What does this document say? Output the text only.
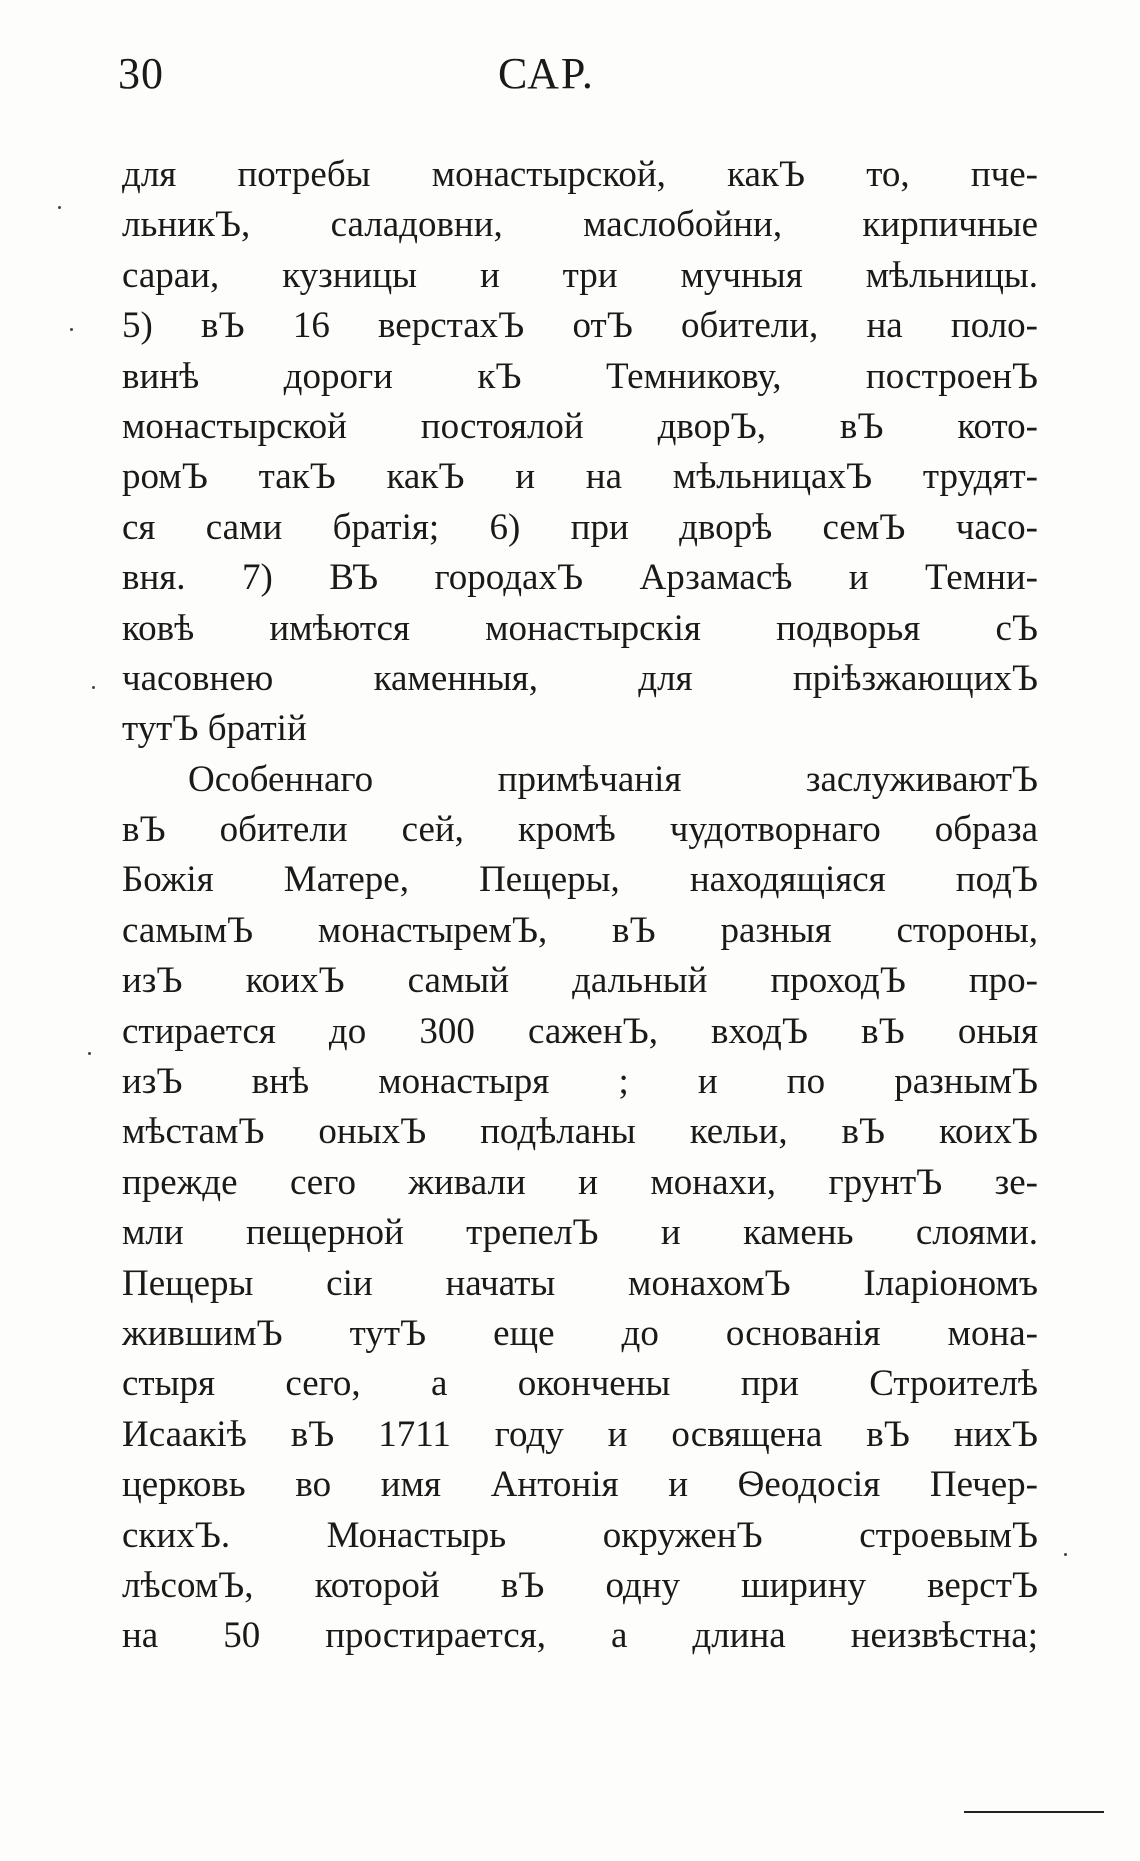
30	САР.
для потребы монастырской, какЪ то, пче-
льникЪ, саладовни, маслобойни, кирпичные
сараи, кузницы и три мучныя мѣльницы.
5) вЪ 16 верстахЪ отЪ обители, на поло-
винѣ дороги кЪ Темникову, построенЪ
монастырской постоялой дворЪ, вЪ кото-
ромЪ такЪ какЪ и на мѣльницахЪ трудят-
ся сами братія; 6) при дворѣ семЪ часо-
вня. 7) ВЪ городахЪ Арзамасѣ и Темни-
ковѣ имѣются монастырскія подворья сЪ
часовнею каменныя, для пріѣзжающихЪ
тутЪ братій
Особеннаго примѣчанія заслуживаютЪ
вЪ обители сей, кромѣ чудотворнаго образа
Божія Матере, Пещеры, находящіяся подЪ
самымЪ монастыремЪ, вЪ разныя стороны,
изЪ коихЪ самый дальный проходЪ про-
стирается до 300 саженЪ, входЪ вЪ оныя
изЪ внѣ монастыря ; и по разнымЪ
мѣстамЪ оныхЪ подѣланы кельи, вЪ коихЪ
прежде сего живали и монахи, грунтЪ зе-
мли пещерной трепелЪ и камень слоями.
Пещеры сіи начаты монахомЪ Іларіономъ
жившимЪ тутЪ еще до основанія мона-
стыря сего, а окончены при Строителѣ
Исаакіѣ вЪ 1711 году и освящена вЪ нихЪ
церковь во имя Антонія и Ѳеодосія Печер-
скихЪ. Монастырь окруженЪ строевымЪ
лѣсомЪ, которой вЪ одну ширину верстЪ
на 50 простирается, а длина неизвѣстна;
